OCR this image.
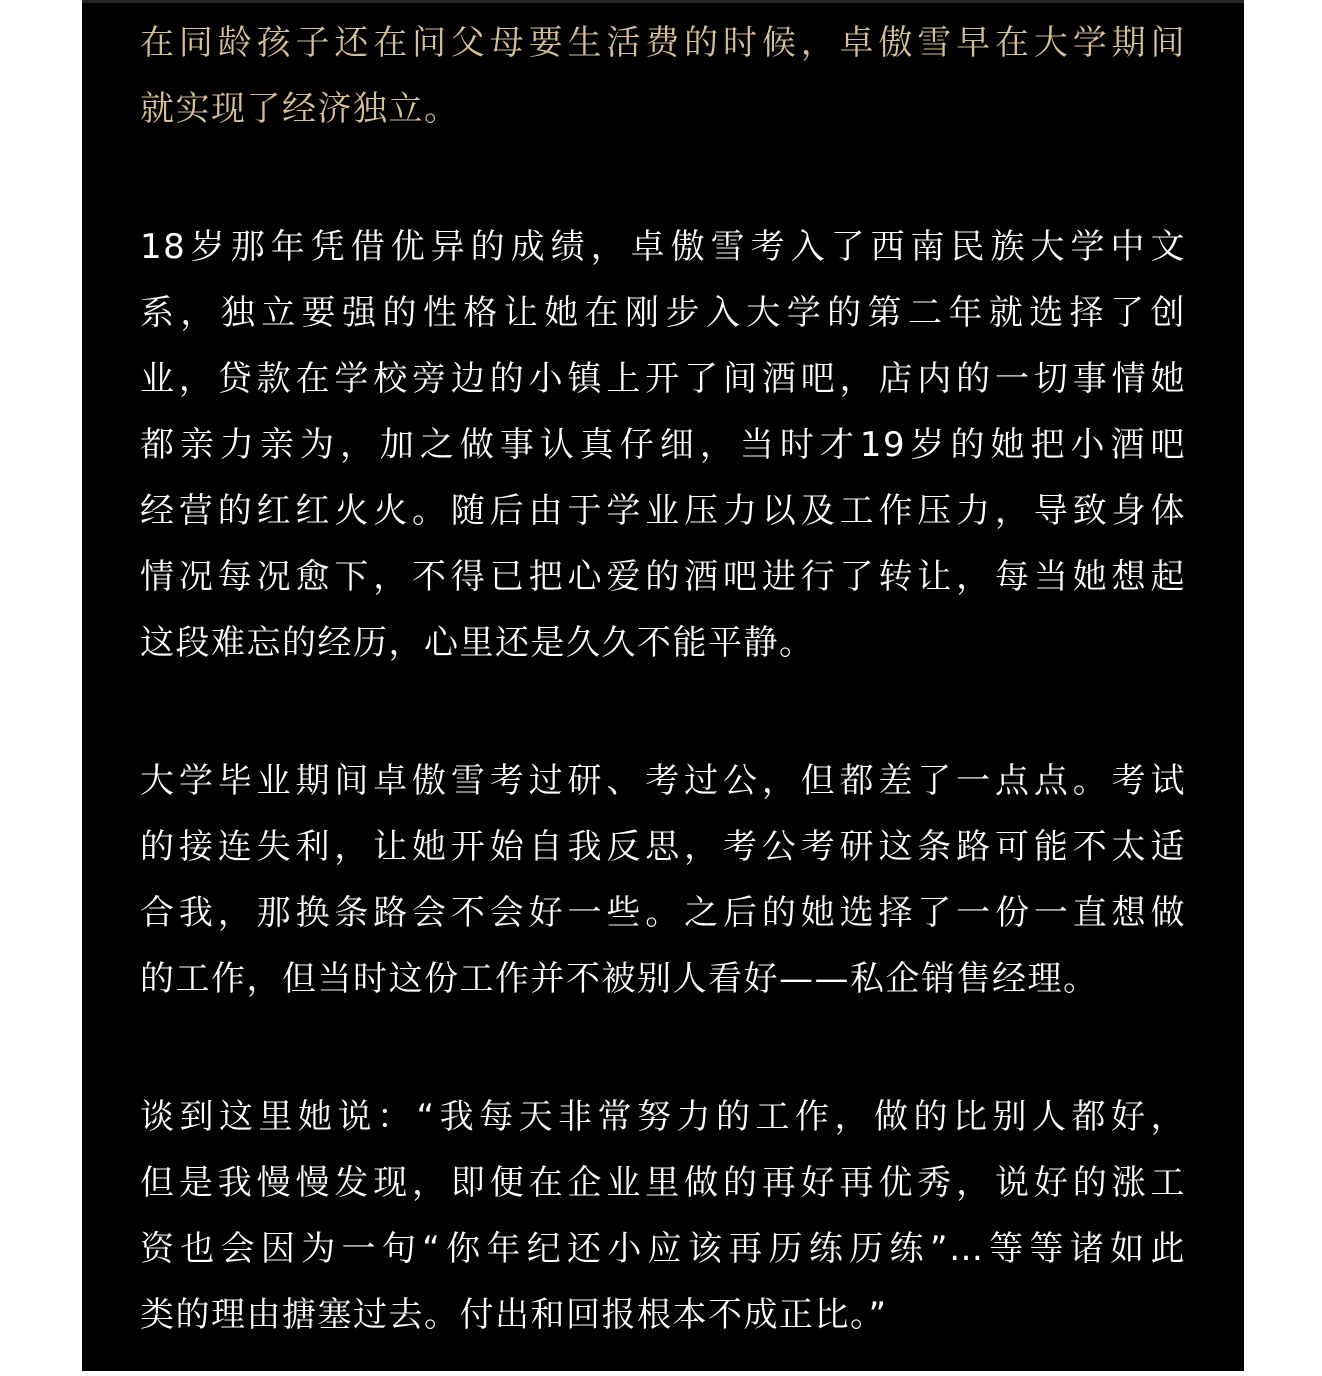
在同龄孩子还在问父母要生活费的时候，卓傲雪早在大学期间
就实现了经济独立。
18岁那年凭借优异的成绩，卓傲雪考入了西南民族大学中文
系，独立要强的性格让她在刚步入大学的第二年就选择了创
业，贷款在学校旁边的小镇上开了间酒吧，店内的一切事情她
都亲力亲为，加之做事认真仔细，当时才19岁的她把小酒吧
经营的红红火火。随后由于学业压力以及工作压力，导致身体
情况每况愈下，不得已把心爱的酒吧进行了转让，每当她想起
这段难忘的经历，心里还是久久不能平静。
大学毕业期间卓傲雪考过研、考过公，但都差了一点点。考试
的接连失利，让她开始自我反思，考公考研这条路可能不太适
合我，那换条路会不会好一些。之后的她选择了一份一直想做
的工作，但当时这份工作并不被别人看好——私企销售经理。
谈到这里她说：“我每天非常努力的工作，做的比别人都好，
但是我慢慢发现，即便在企业里做的再好再优秀，说好的涨工
资也会因为一句“你年纪还小应该再历练历练”…等等诸如此
类的理由搪塞过去。付出和回报根本不成正比。”
